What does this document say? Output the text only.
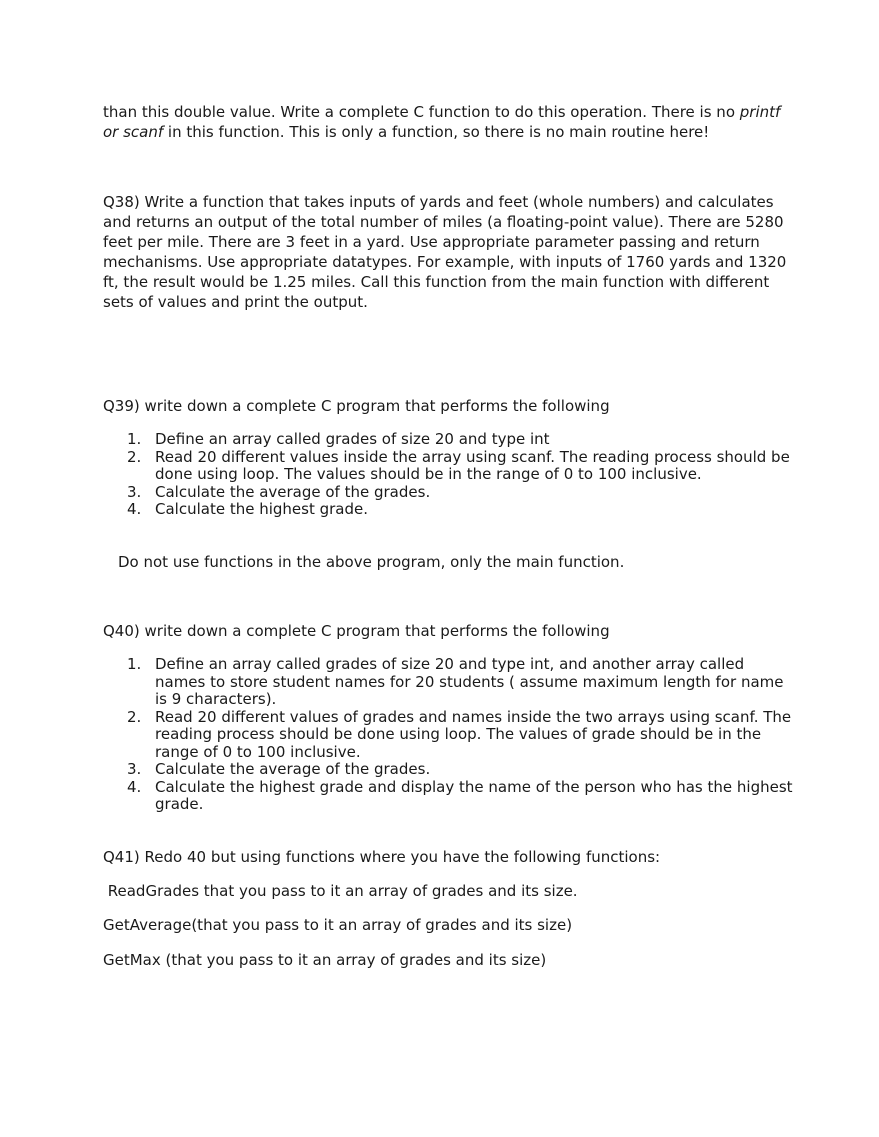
than this double value. Write a complete C function to do this operation. There is no printf
or scanf in this function. This is only a function, so there is no main routine here!

Q38) Write a function that takes inputs of yards and feet (whole numbers) and calculates and returns an output of the total number of miles (a floating-point value). There are 5280 feet per mile. There are 3 feet in a yard. Use appropriate parameter passing and return mechanisms. Use appropriate datatypes. For example, with inputs of 1760 yards and 1320 ft, the result would be 1.25 miles. Call this function from the main function with different sets of values and print the output.

Q39) write down a complete C program that performs the following

1. Define an array called grades of size 20 and type int
2. Read 20 different values inside the array using scanf. The reading process should be done using loop. The values should be in the range of 0 to 100 inclusive.
3. Calculate the average of the grades.
4. Calculate the highest grade.

Do not use functions in the above program, only the main function.

Q40) write down a complete C program that performs the following

1. Define an array called grades of size 20 and type int, and another array called names to store student names for 20 students ( assume maximum length for name is 9 characters).
2. Read 20 different values of grades and names inside the two arrays using scanf. The reading process should be done using loop. The values of grade should be in the range of 0 to 100 inclusive.
3. Calculate the average of the grades.
4. Calculate the highest grade and display the name of the person who has the highest grade.

Q41) Redo 40 but using functions where you have the following functions:

ReadGrades that you pass to it an array of grades and its size.

GetAverage(that you pass to it an array of grades and its size)

GetMax (that you pass to it an array of grades and its size)
